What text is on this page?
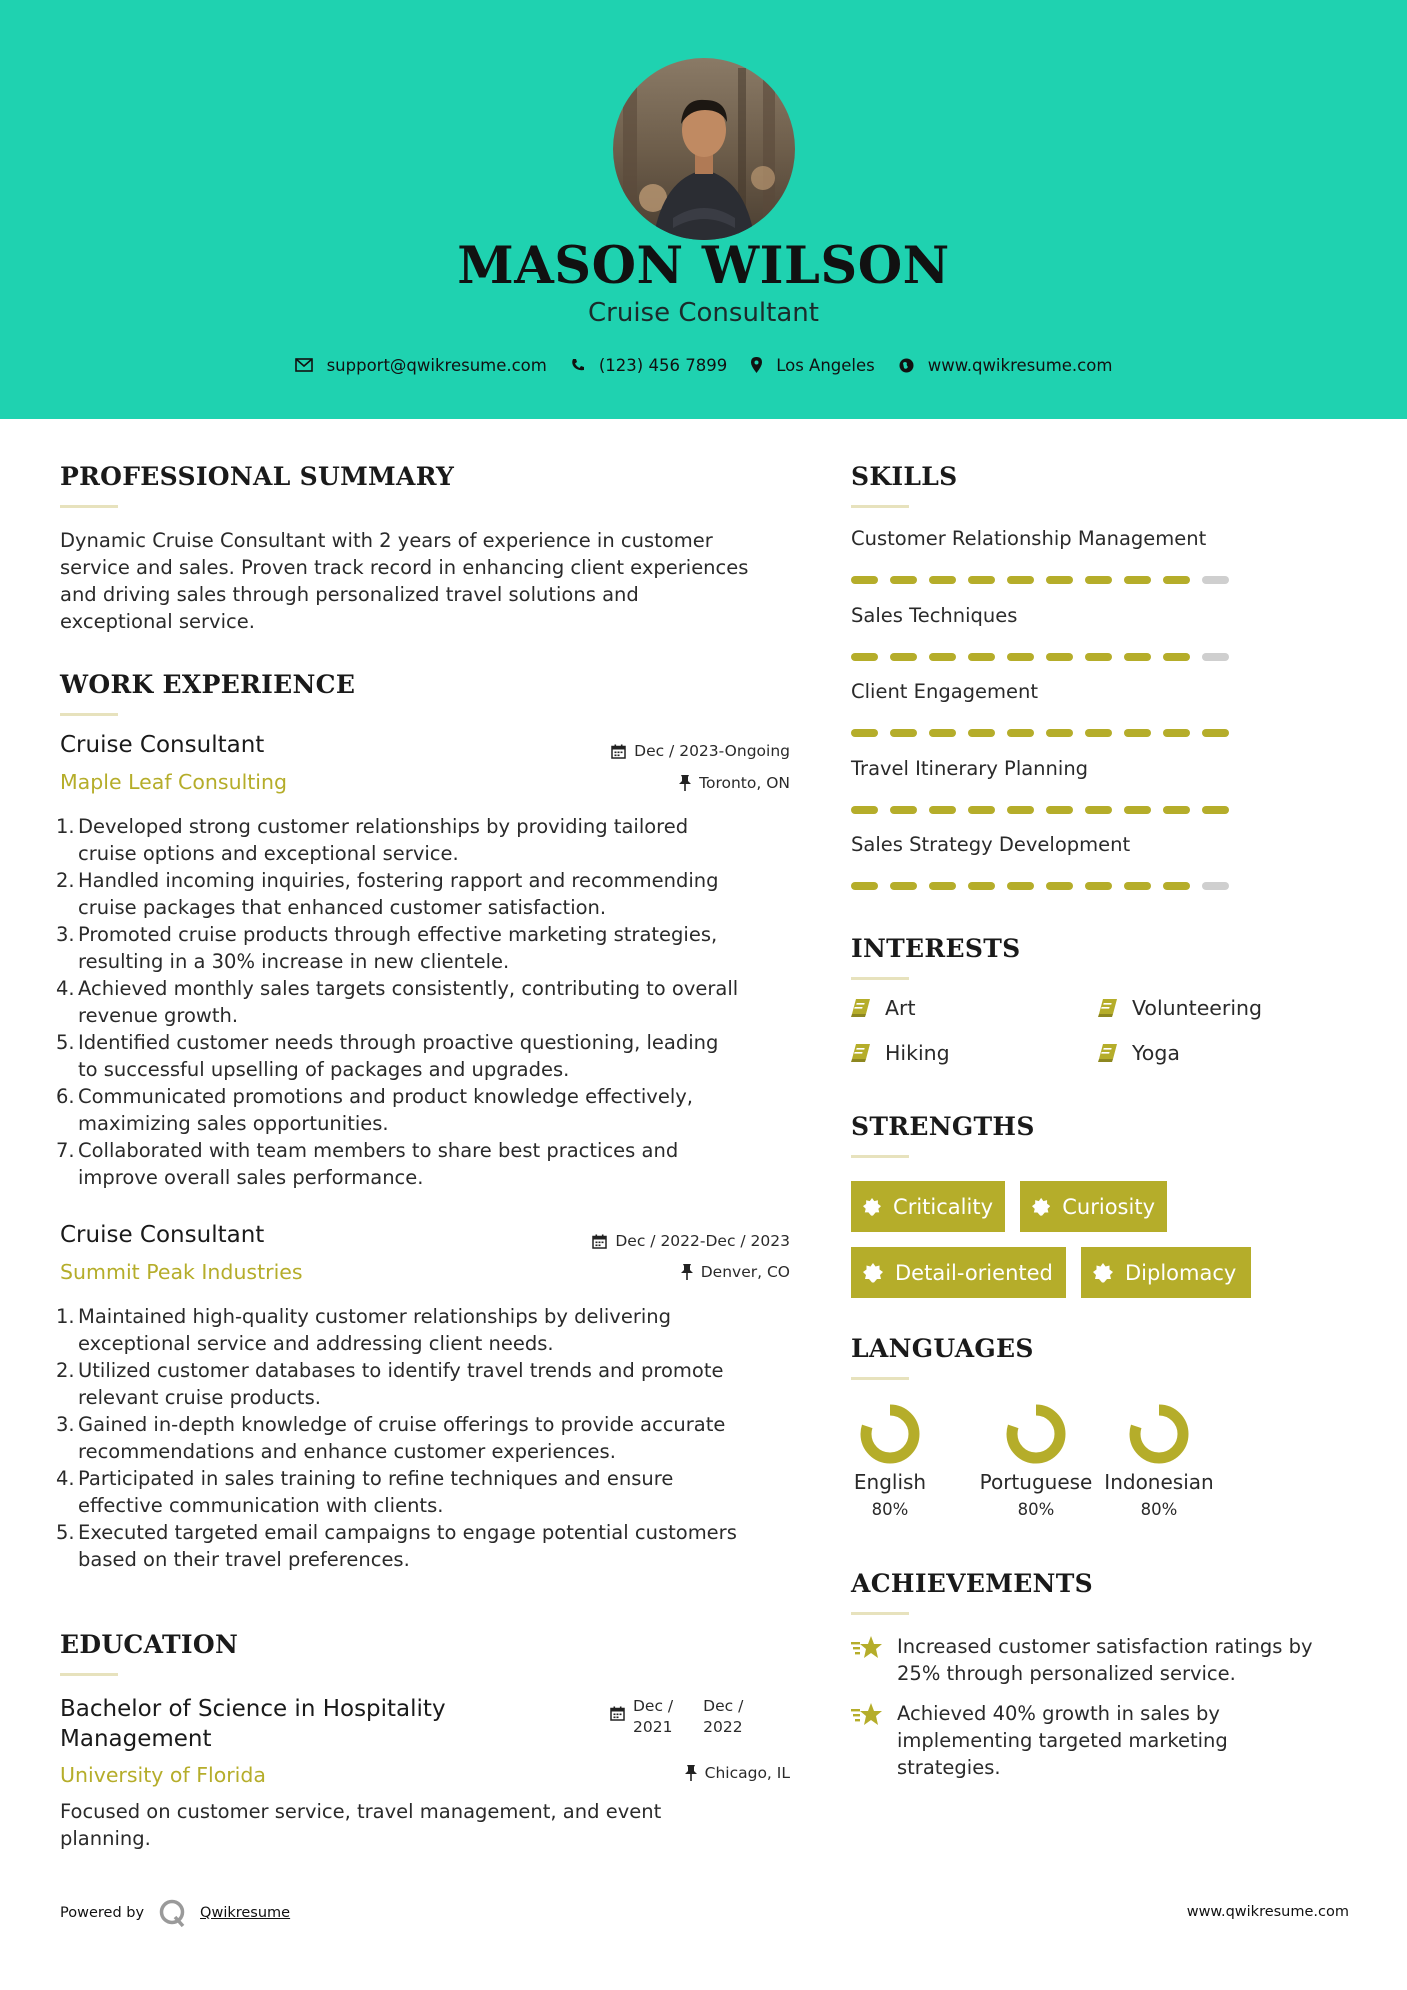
MASON WILSON
Cruise Consultant
support@qwikresume.com	(123) 456 7899	Los Angeles	www.qwikresume.com
PROFESSIONAL SUMMARY
Dynamic Cruise Consultant with 2 years of experience in customer
service and sales. Proven track record in enhancing client experiences
and driving sales through personalized travel solutions and
exceptional service.
WORK EXPERIENCE
Cruise Consultant
Maple Leaf Consulting
Dec / 2023-Ongoing
Toronto, ON
1. Developed strong customer relationships by providing tailored
cruise options and exceptional service.
2. Handled incoming inquiries, fostering rapport and recommending
cruise packages that enhanced customer satisfaction.
3. Promoted cruise products through effective marketing strategies,
resulting in a 30% increase in new clientele.
4. Achieved monthly sales targets consistently, contributing to overall
revenue growth.
5. Identified customer needs through proactive questioning, leading
to successful upselling of packages and upgrades.
6. Communicated promotions and product knowledge effectively,
maximizing sales opportunities.
7. Collaborated with team members to share best practices and
improve overall sales performance.
Cruise Consultant
Summit Peak Industries
Dec / 2022-Dec / 2023
Denver, CO
1. Maintained high-quality customer relationships by delivering
exceptional service and addressing client needs.
2. Utilized customer databases to identify travel trends and promote
relevant cruise products.
3. Gained in-depth knowledge of cruise offerings to provide accurate
recommendations and enhance customer experiences.
4. Participated in sales training to refine techniques and ensure
effective communication with clients.
5. Executed targeted email campaigns to engage potential customers
based on their travel preferences.
EDUCATION
Bachelor of Science in Hospitality
Management
Dec /
2021
Dec /
2022
University of Florida	Chicago, IL
Focused on customer service, travel management, and event
planning.
SKILLS
Customer Relationship Management
Sales Techniques
Client Engagement
Travel Itinerary Planning
Sales Strategy Development
INTERESTS
Art	Volunteering
Hiking	Yoga
STRENGTHS
Criticality	Curiosity
Detail-oriented	Diplomacy
LANGUAGES
English
80%
Portuguese
80%
Indonesian
80%
ACHIEVEMENTS
Increased customer satisfaction ratings by
25% through personalized service.
Achieved 40% growth in sales by
implementing targeted marketing
strategies.
Powered by	Qwikresume	www.qwikresume.com
